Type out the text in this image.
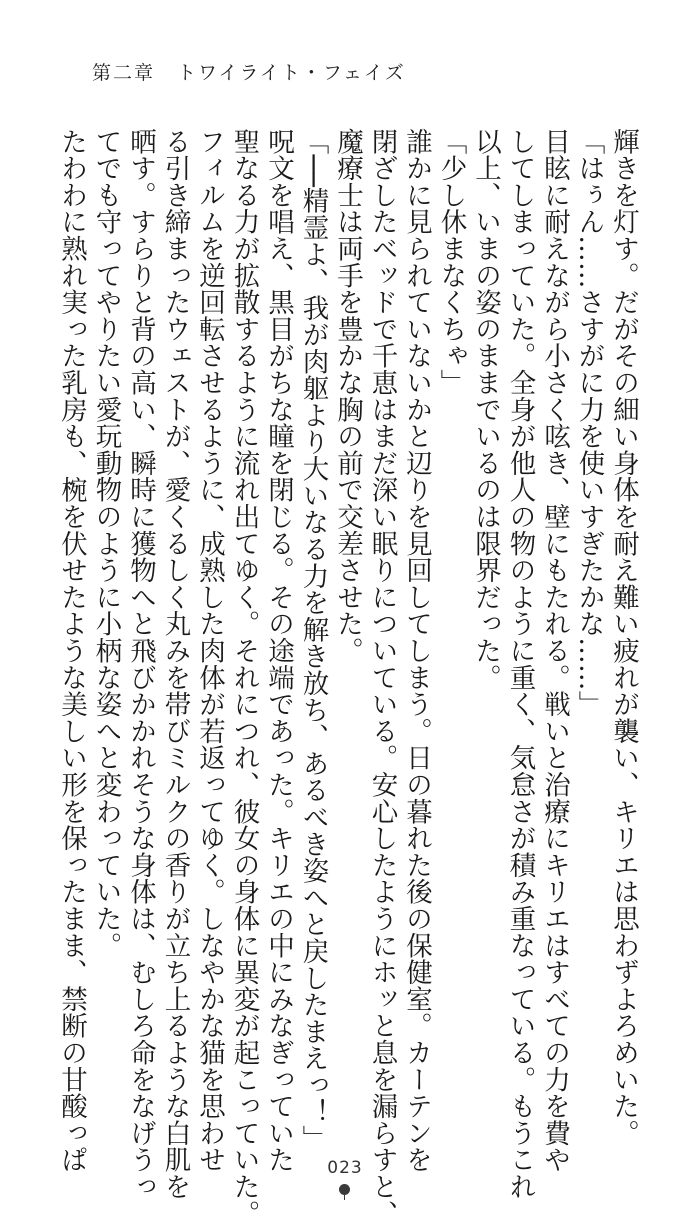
第二章 トワイライト・フェイズ

輝きを灯す。だがその細い身体を耐え難い疲れが襲い、キリエは思わずよろめいた。

「はぅん……さすがに力を使いすぎたかな……」

目眩に耐えながら小さく呟き、壁にもたれる。戦いと治療にキリエはすべての力を費や

してしまっていた。全身が他人の物のように重く、気怠さが積み重なっている。もうこれ

以上、いまの姿のままでいるのは限界だった。

「少し休まなくちゃ」

誰かに見られていないかと辺りを見回してしまう。日の暮れた後の保健室。カーテンを

閉ざしたベッドで千恵はまだ深い眠りについている。安心したようにホッと息を漏らすと、

魔療士は両手を豊かな胸の前で交差させた。

「──精霊よ、我が肉躯より大いなる力を解き放ち、あるべき姿へと戻したまえっ！」

呪文を唱え、黒目がちな瞳を閉じる。その途端であった。キリエの中にみなぎっていた

聖なる力が拡散するように流れ出てゆく。それにつれ、彼女の身体に異変が起こっていた。

フィルムを逆回転させるように、成熟した肉体が若返ってゆく。しなやかな猫を思わせ

る引き締まったウェストが、愛くるしく丸みを帯びミルクの香りが立ち上るような白肌を

晒す。すらりと背の高い、瞬時に獲物へと飛びかかれそうな身体は、むしろ命をなげうっ

てでも守ってやりたい愛玩動物のように小柄な姿へと変わっていた。

たわわに熟れ実った乳房も、椀を伏せたような美しい形を保ったまま、禁断の甘酸っぱ	023
